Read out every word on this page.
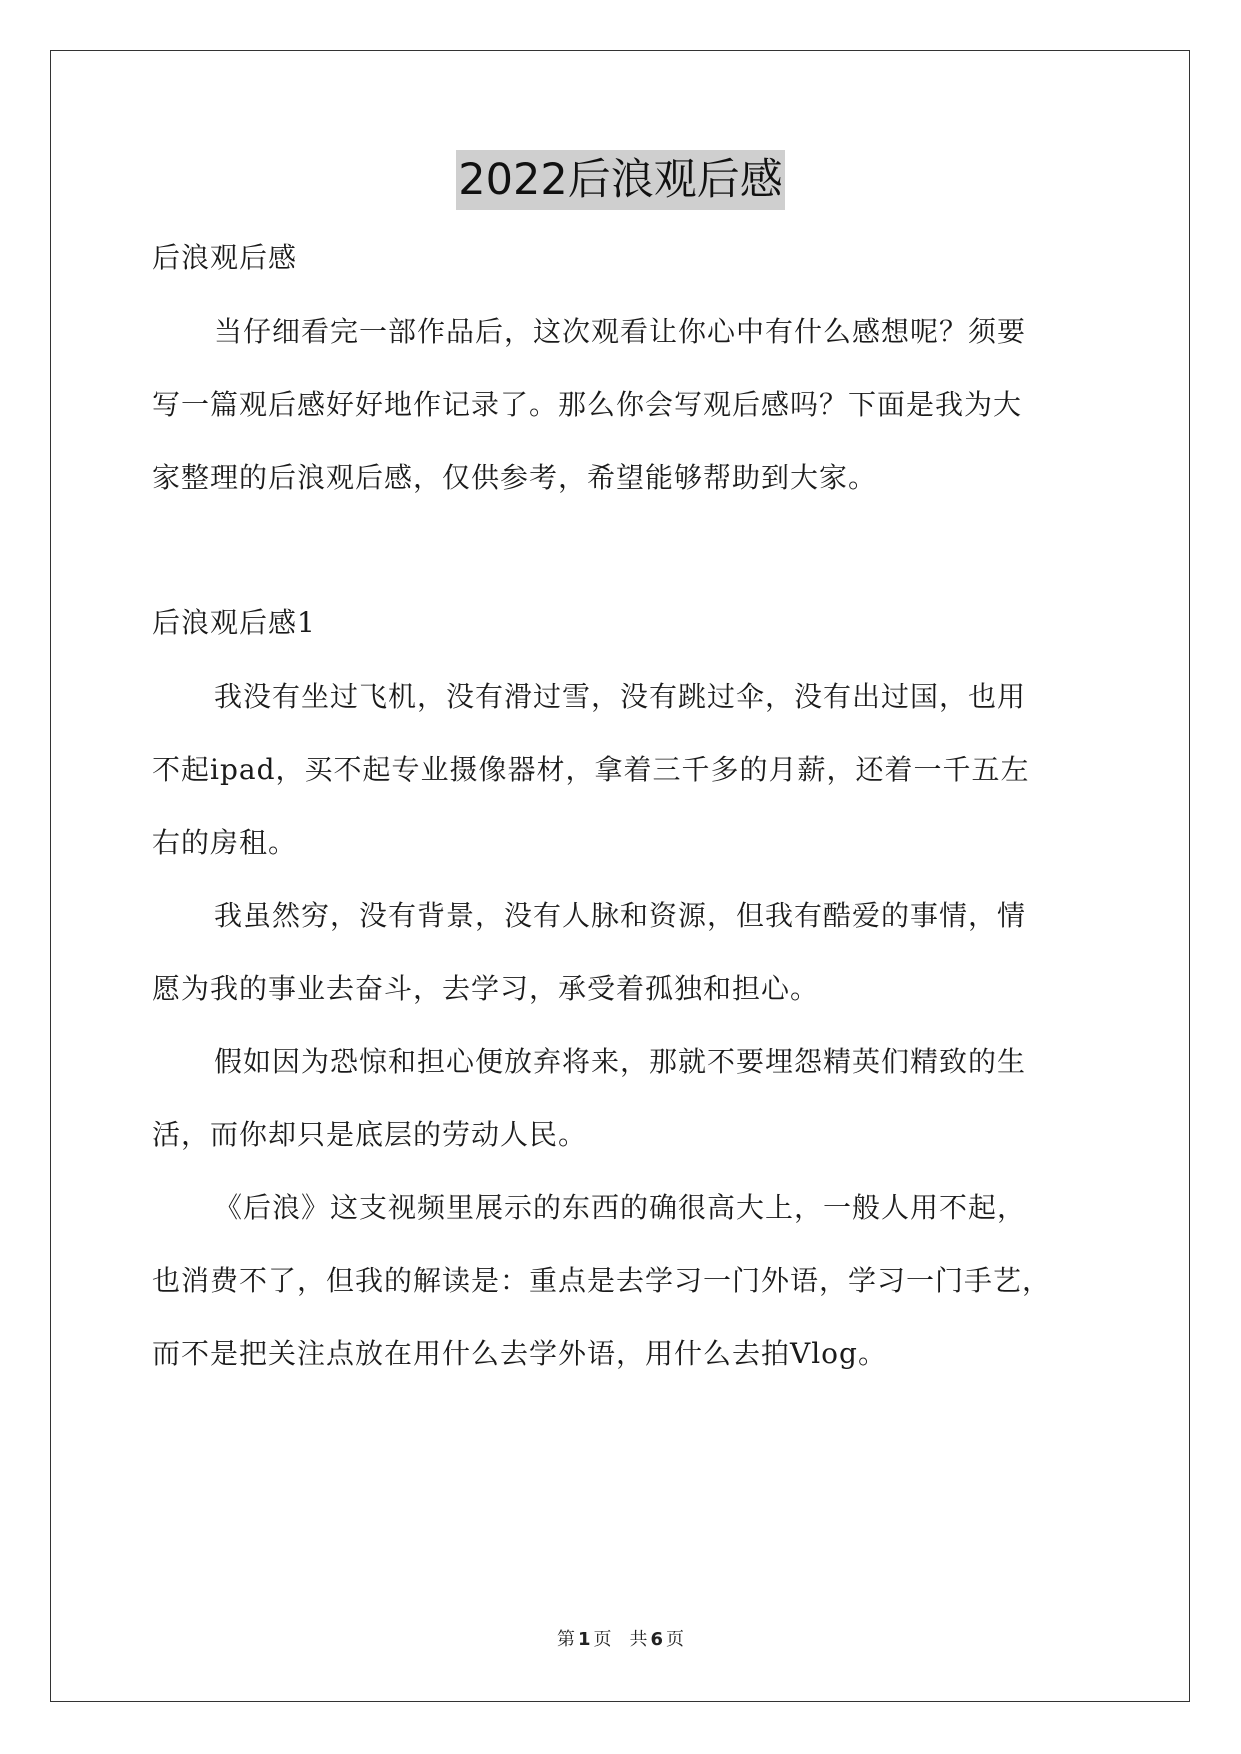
2022后浪观后感
后浪观后感
当仔细看完一部作品后，这次观看让你心中有什么感想呢？须要
写一篇观后感好好地作记录了。那么你会写观后感吗？下面是我为大
家整理的后浪观后感，仅供参考，希望能够帮助到大家。
后浪观后感1
我没有坐过飞机，没有滑过雪，没有跳过伞，没有出过国，也用
不起ipad，买不起专业摄像器材，拿着三千多的月薪，还着一千五左
右的房租。
我虽然穷，没有背景，没有人脉和资源，但我有酷爱的事情，情
愿为我的事业去奋斗，去学习，承受着孤独和担心。
假如因为恐惊和担心便放弃将来，那就不要埋怨精英们精致的生
活，而你却只是底层的劳动人民。
《后浪》这支视频里展示的东西的确很高大上，一般人用不起，
也消费不了，但我的解读是：重点是去学习一门外语，学习一门手艺，
而不是把关注点放在用什么去学外语，用什么去拍Vlog。
第 1 页　共 6 页
